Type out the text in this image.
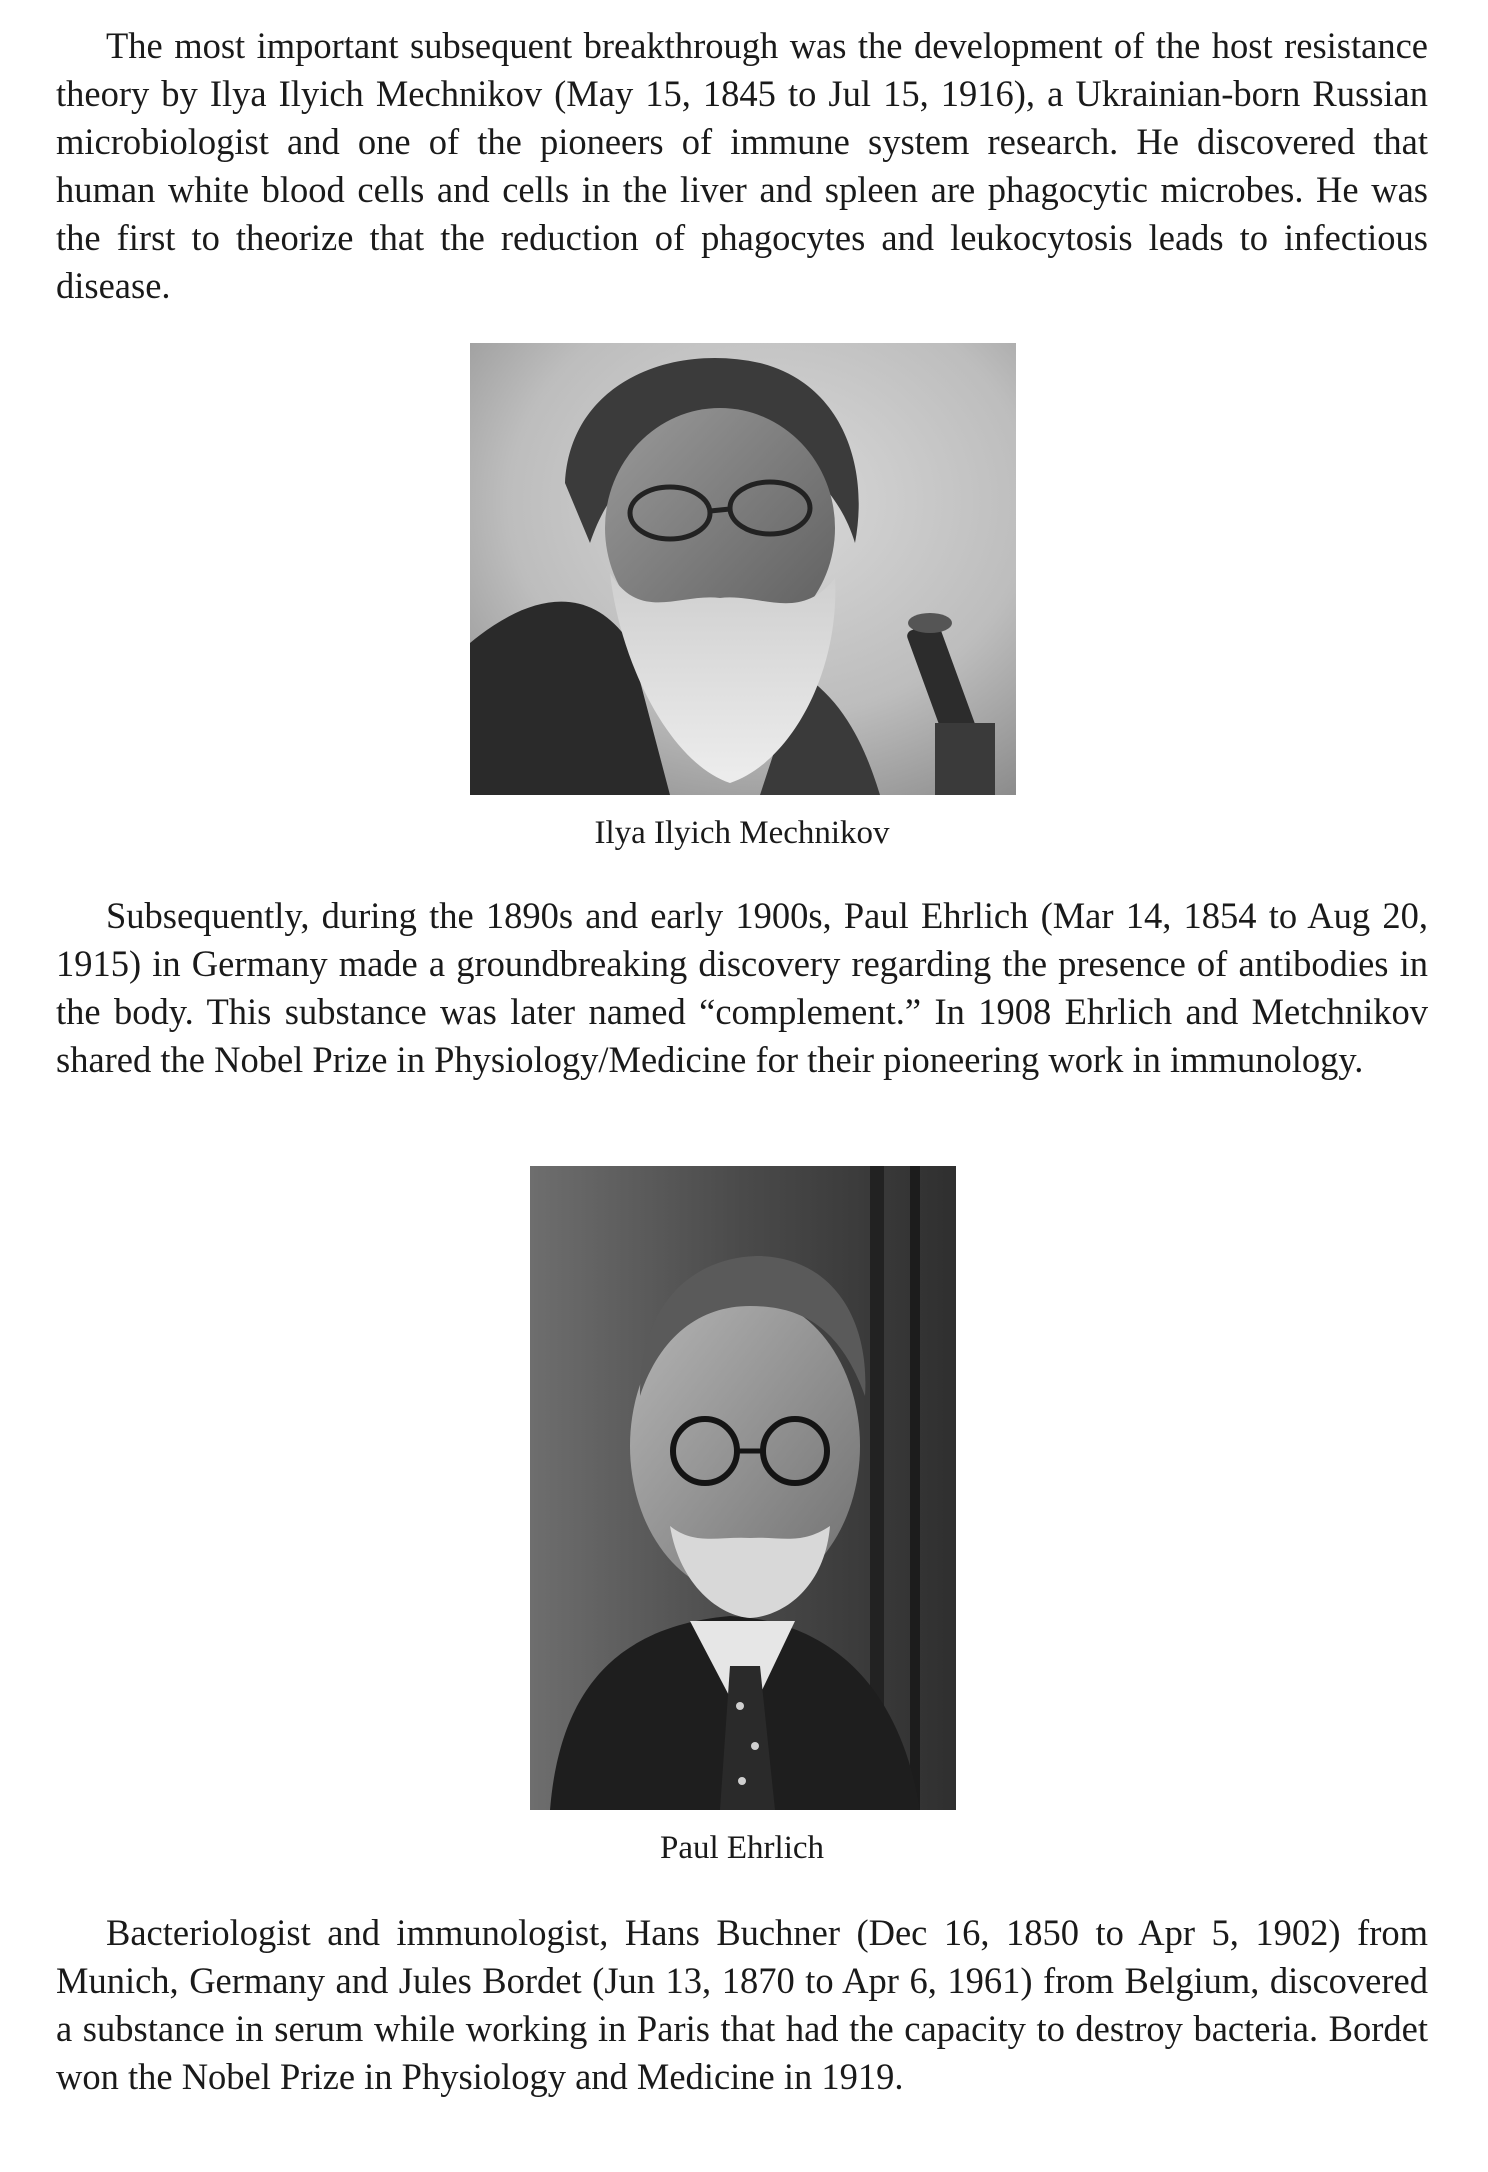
The most important subsequent breakthrough was the development of the host resistance theory by Ilya Ilyich Mechnikov (May 15, 1845 to Jul 15, 1916), a Ukrainian-born Russian microbiologist and one of the pioneers of immune system research. He discovered that human white blood cells and cells in the liver and spleen are phagocytic microbes. He was the first to theorize that the reduction of phagocytes and leukocytosis leads to infectious disease.

Ilya Ilyich Mechnikov

Subsequently, during the 1890s and early 1900s, Paul Ehrlich (Mar 14, 1854 to Aug 20, 1915) in Germany made a groundbreaking discovery regarding the presence of antibodies in the body. This substance was later named “complement.” In 1908 Ehrlich and Metchnikov shared the Nobel Prize in Physiology/Medicine for their pioneering work in immunology.

Paul Ehrlich

Bacteriologist and immunologist, Hans Buchner (Dec 16, 1850 to Apr 5, 1902) from Munich, Germany and Jules Bordet (Jun 13, 1870 to Apr 6, 1961) from Belgium, discovered a substance in serum while working in Paris that had the capacity to destroy bacteria. Bordet won the Nobel Prize in Physiology and Medicine in 1919.
